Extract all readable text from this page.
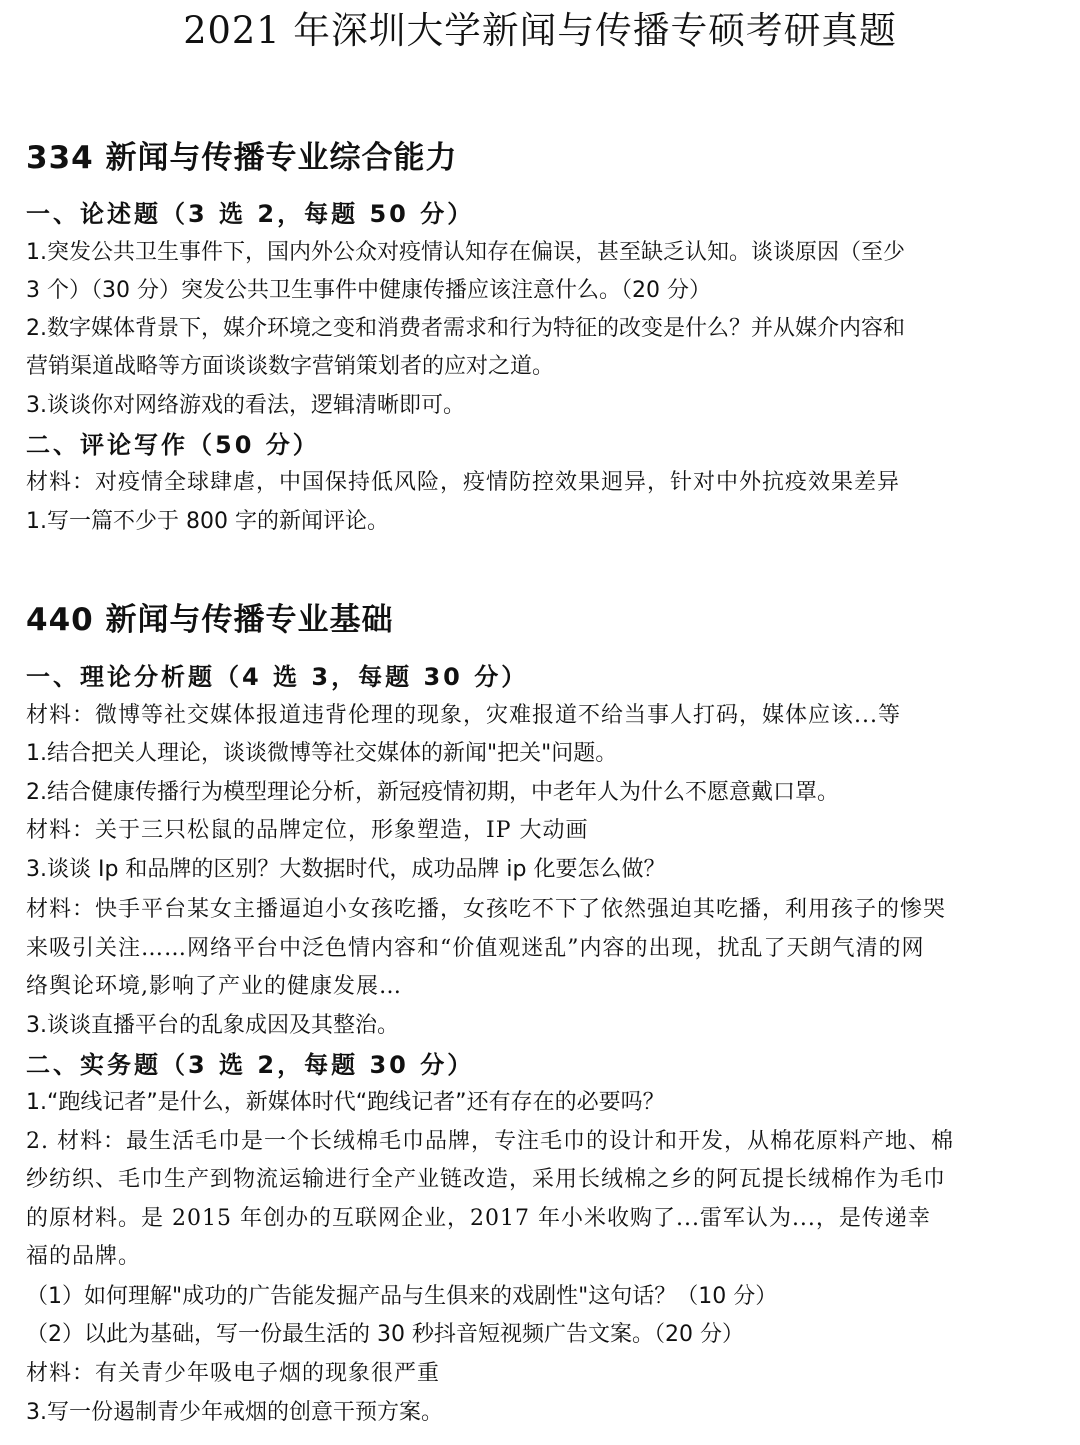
2021 年深圳大学新闻与传播专硕考研真题
334 新闻与传播专业综合能力
一、论述题（3 选 2，每题 50 分）
1.突发公共卫生事件下，国内外公众对疫情认知存在偏误，甚至缺乏认知。谈谈原因（至少
3 个）（30 分）突发公共卫生事件中健康传播应该注意什么。（20 分）
2.数字媒体背景下，媒介环境之变和消费者需求和行为特征的改变是什么？并从媒介内容和
营销渠道战略等方面谈谈数字营销策划者的应对之道。
3.谈谈你对网络游戏的看法，逻辑清晰即可。
二、评论写作（50 分）
材料：对疫情全球肆虐，中国保持低风险，疫情防控效果迥异，针对中外抗疫效果差异
1.写一篇不少于 800 字的新闻评论。
440 新闻与传播专业基础
一、理论分析题（4 选 3，每题 30 分）
材料：微博等社交媒体报道违背伦理的现象，灾难报道不给当事人打码，媒体应该...等
1.结合把关人理论，谈谈微博等社交媒体的新闻"把关"问题。
2.结合健康传播行为模型理论分析，新冠疫情初期，中老年人为什么不愿意戴口罩。
材料：关于三只松鼠的品牌定位，形象塑造，IP 大动画
3.谈谈 Ip 和品牌的区别？大数据时代，成功品牌 ip 化要怎么做？
材料：快手平台某女主播逼迫小女孩吃播，女孩吃不下了依然强迫其吃播，利用孩子的惨哭
来吸引关注……网络平台中泛色情内容和“价值观迷乱”内容的出现，扰乱了天朗气清的网
络舆论环境,影响了产业的健康发展…
3.谈谈直播平台的乱象成因及其整治。
二、实务题（3 选 2，每题 30 分）
1.“跑线记者”是什么，新媒体时代“跑线记者”还有存在的必要吗？
2. 材料：最生活毛巾是一个长绒棉毛巾品牌，专注毛巾的设计和开发，从棉花原料产地、棉
纱纺织、毛巾生产到物流运输进行全产业链改造，采用长绒棉之乡的阿瓦提长绒棉作为毛巾
的原材料。是 2015 年创办的互联网企业，2017 年小米收购了...雷军认为...，是传递幸
福的品牌。
（1）如何理解"成功的广告能发掘产品与生俱来的戏剧性"这句话？（10 分）
（2）以此为基础，写一份最生活的 30 秒抖音短视频广告文案。（20 分）
材料：有关青少年吸电子烟的现象很严重
3.写一份遏制青少年戒烟的创意干预方案。
